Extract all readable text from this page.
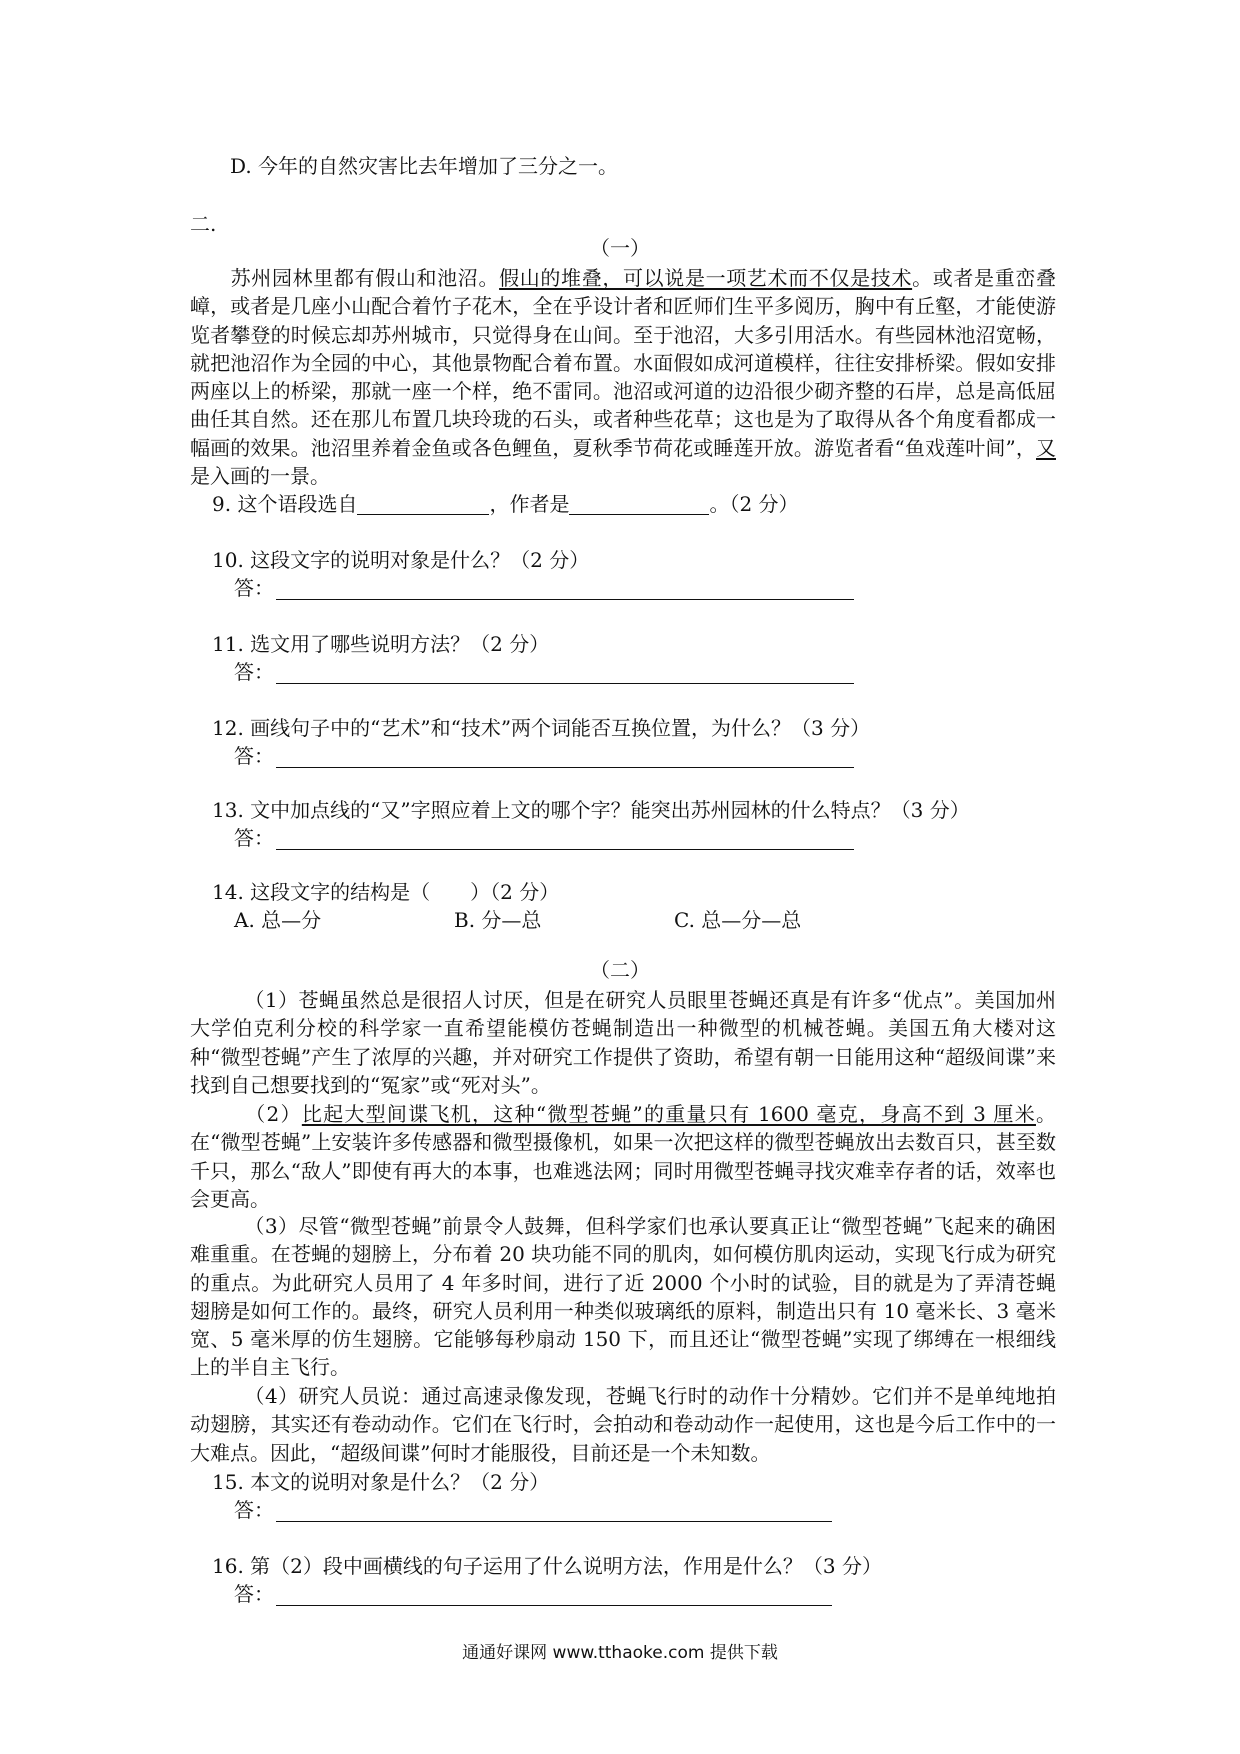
D. 今年的自然灾害比去年增加了三分之一。
二.
（一）
苏州园林里都有假山和池沼。假山的堆叠，可以说是一项艺术而不仅是技术。或者是重峦叠嶂，或者是几座小山配合着竹子花木，全在乎设计者和匠师们生平多阅历，胸中有丘壑，才能使游览者攀登的时候忘却苏州城市，只觉得身在山间。至于池沼，大多引用活水。有些园林池沼宽畅，就把池沼作为全园的中心，其他景物配合着布置。水面假如成河道模样，往往安排桥梁。假如安排两座以上的桥梁，那就一座一个样，绝不雷同。池沼或河道的边沿很少砌齐整的石岸，总是高低屈曲任其自然。还在那儿布置几块玲珑的石头，或者种些花草；这也是为了取得从各个角度看都成一幅画的效果。池沼里养着金鱼或各色鲤鱼，夏秋季节荷花或睡莲开放。游览者看“鱼戏莲叶间”，又是入画的一景。
9. 这个语段选自	，作者是	。（2 分）
10. 这段文字的说明对象是什么？（2 分）
答：
11. 选文用了哪些说明方法？（2 分）
答：
12. 画线句子中的“艺术”和“技术”两个词能否互换位置，为什么？（3 分）
答：
13. 文中加点线的“又”字照应着上文的哪个字？能突出苏州园林的什么特点？（3 分）
答：
14. 这段文字的结构是（　　）（2 分）
A. 总—分	B. 分—总	C. 总—分—总
（二）
（1）苍蝇虽然总是很招人讨厌，但是在研究人员眼里苍蝇还真是有许多“优点”。美国加州大学伯克利分校的科学家一直希望能模仿苍蝇制造出一种微型的机械苍蝇。美国五角大楼对这种“微型苍蝇”产生了浓厚的兴趣，并对研究工作提供了资助，希望有朝一日能用这种“超级间谍”来找到自己想要找到的“冤家”或“死对头”。
（2）比起大型间谍飞机，这种“微型苍蝇”的重量只有 1600 毫克，身高不到 3 厘米。在“微型苍蝇”上安装许多传感器和微型摄像机，如果一次把这样的微型苍蝇放出去数百只，甚至数千只，那么“敌人”即使有再大的本事，也难逃法网；同时用微型苍蝇寻找灾难幸存者的话，效率也会更高。
（3）尽管“微型苍蝇”前景令人鼓舞，但科学家们也承认要真正让“微型苍蝇”飞起来的确困难重重。在苍蝇的翅膀上，分布着 20 块功能不同的肌肉，如何模仿肌肉运动，实现飞行成为研究的重点。为此研究人员用了 4 年多时间，进行了近 2000 个小时的试验，目的就是为了弄清苍蝇翅膀是如何工作的。最终，研究人员利用一种类似玻璃纸的原料，制造出只有 10 毫米长、3 毫米宽、5 毫米厚的仿生翅膀。它能够每秒扇动 150 下，而且还让“微型苍蝇”实现了绑缚在一根细线上的半自主飞行。
（4）研究人员说：通过高速录像发现，苍蝇飞行时的动作十分精妙。它们并不是单纯地拍动翅膀，其实还有卷动动作。它们在飞行时，会拍动和卷动动作一起使用，这也是今后工作中的一大难点。因此，“超级间谍”何时才能服役，目前还是一个未知数。
15. 本文的说明对象是什么？（2 分）
答：
16. 第（2）段中画横线的句子运用了什么说明方法，作用是什么？（3 分）
答：
通通好课网 www.tthaoke.com 提供下载
